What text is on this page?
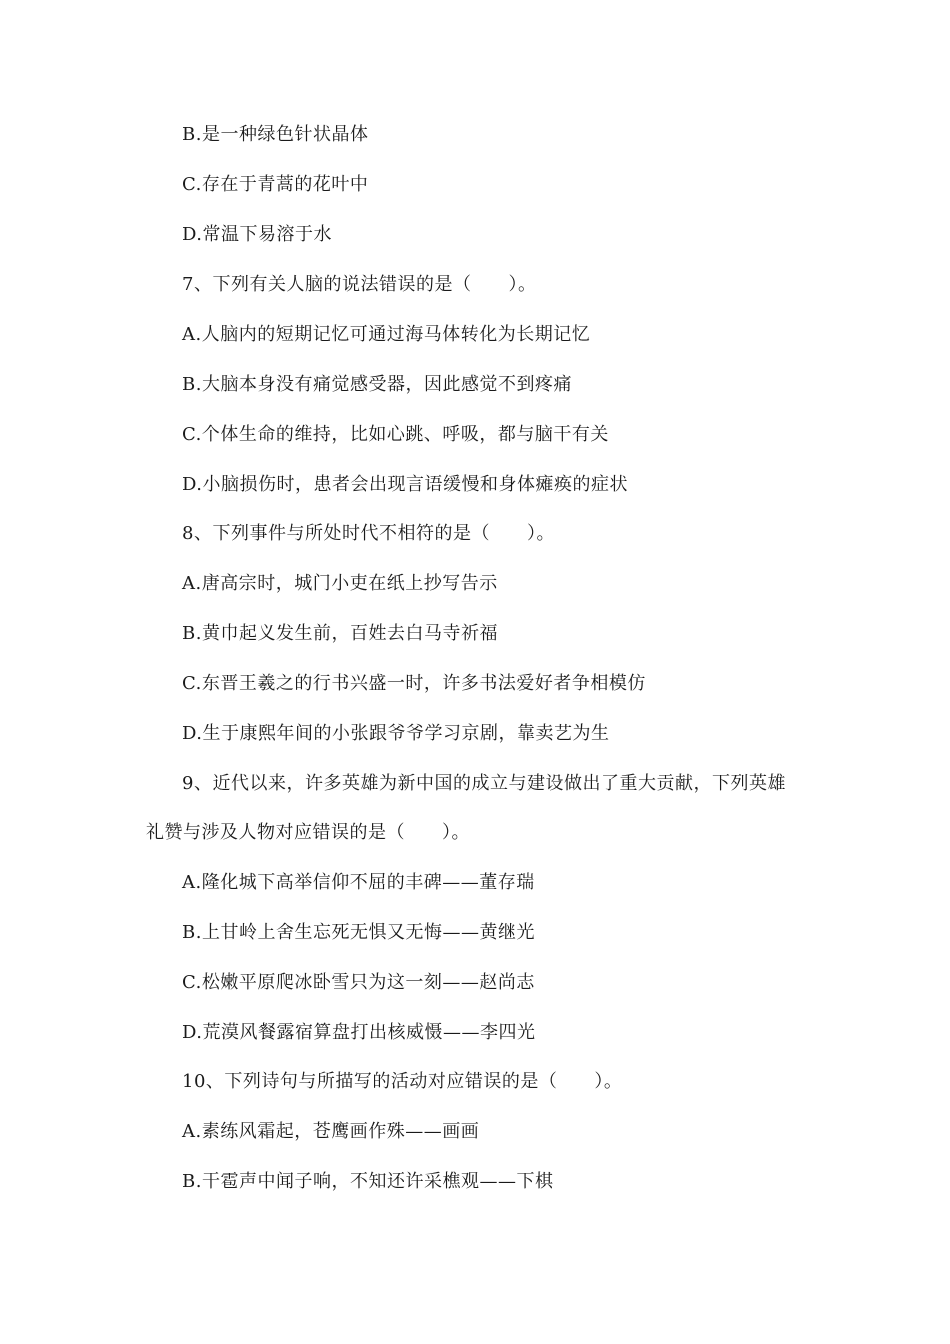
B.是一种绿色针状晶体
C.存在于青蒿的花叶中
D.常温下易溶于水
7、下列有关人脑的说法错误的是（　　）。
A.人脑内的短期记忆可通过海马体转化为长期记忆
B.大脑本身没有痛觉感受器，因此感觉不到疼痛
C.个体生命的维持，比如心跳、呼吸，都与脑干有关
D.小脑损伤时，患者会出现言语缓慢和身体瘫痪的症状
8、下列事件与所处时代不相符的是（　　）。
A.唐高宗时，城门小吏在纸上抄写告示
B.黄巾起义发生前，百姓去白马寺祈福
C.东晋王羲之的行书兴盛一时，许多书法爱好者争相模仿
D.生于康熙年间的小张跟爷爷学习京剧，靠卖艺为生
9、近代以来，许多英雄为新中国的成立与建设做出了重大贡献，下列英雄
礼赞与涉及人物对应错误的是（　　）。
A.隆化城下高举信仰不屈的丰碑——董存瑞
B.上甘岭上舍生忘死无惧又无悔——黄继光
C.松嫩平原爬冰卧雪只为这一刻——赵尚志
D.荒漠风餐露宿算盘打出核威慑——李四光
10、下列诗句与所描写的活动对应错误的是（　　）。
A.素练风霜起，苍鹰画作殊——画画
B.干雹声中闻子响，不知还许采樵观——下棋
